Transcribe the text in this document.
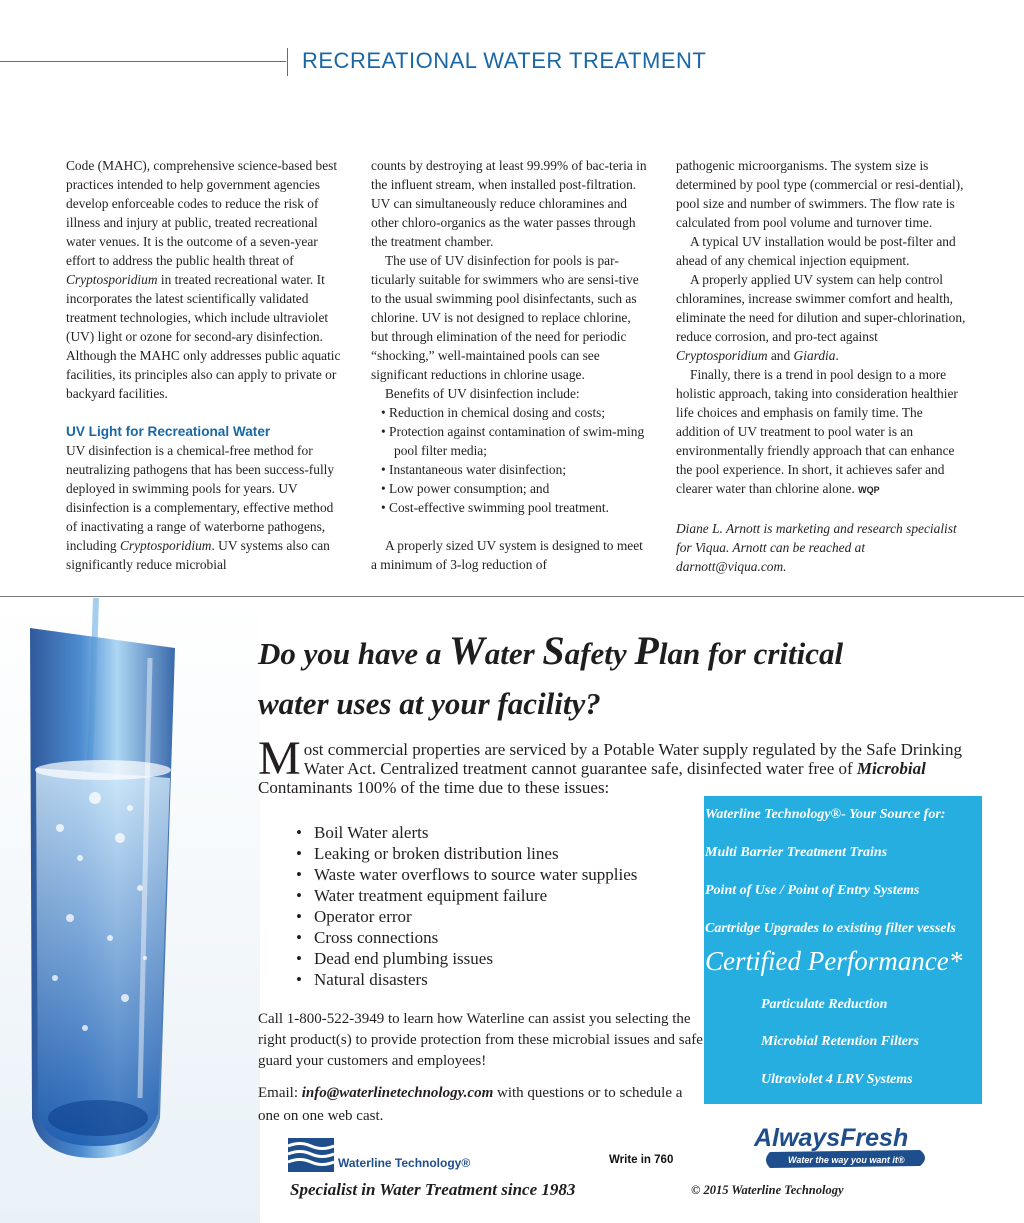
RECREATIONAL WATER TREATMENT

Code (MAHC), comprehensive science-based best practices intended to help government agencies develop enforceable codes to reduce the risk of illness and injury at public, treated recreational water venues. It is the outcome of a seven-year effort to address the public health threat of Cryptosporidium in treated recreational water. It incorporates the latest scientifically validated treatment technologies, which include ultraviolet (UV) light or ozone for second-ary disinfection. Although the MAHC only addresses public aquatic facilities, its principles also can apply to private or backyard facilities.

UV Light for Recreational Water

UV disinfection is a chemical-free method for neutralizing pathogens that has been success-fully deployed in swimming pools for years. UV disinfection is a complementary, effective method of inactivating a range of waterborne pathogens, including Cryptosporidium. UV systems also can significantly reduce microbial

counts by destroying at least 99.99% of bac-teria in the influent stream, when installed post-filtration. UV can simultaneously reduce chloramines and other chloro-organics as the water passes through the treatment chamber.

The use of UV disinfection for pools is par-ticularly suitable for swimmers who are sensi-tive to the usual swimming pool disinfectants, such as chlorine. UV is not designed to replace chlorine, but through elimination of the need for periodic “shocking,” well-maintained pools can see significant reductions in chlorine usage.

Benefits of UV disinfection include:

• Reduction in chemical dosing and costs;

• Protection against contamination of swim-ming pool filter media;

• Instantaneous water disinfection;

• Low power consumption; and

• Cost-effective swimming pool treatment.

A properly sized UV system is designed to meet a minimum of 3-log reduction of

pathogenic microorganisms. The system size is determined by pool type (commercial or resi-dential), pool size and number of swimmers. The flow rate is calculated from pool volume and turnover time.

A typical UV installation would be post-filter and ahead of any chemical injection equipment.

A properly applied UV system can help control chloramines, increase swimmer comfort and health, eliminate the need for dilution and super-chlorination, reduce corrosion, and pro-tect against Cryptosporidium and Giardia.

Finally, there is a trend in pool design to a more holistic approach, taking into consideration healthier life choices and emphasis on family time. The addition of UV treatment to pool water is an environmentally friendly approach that can enhance the pool experience. In short, it achieves safer and clearer water than chlorine alone. WQP

Diane L. Arnott is marketing and research specialist for Viqua. Arnott can be reached at darnott@viqua.com.

Do you have a Water Safety Plan for critical
water uses at your facility?
Most commercial properties are serviced by a Potable Water supply regulated by the Safe Drinking Water Act. Centralized treatment cannot guarantee safe, disinfected water free of Microbial Contaminants 100% of the time due to these issues:
• Boil Water alerts
• Leaking or broken distribution lines
• Waste water overflows to source water supplies
• Water treatment equipment failure
• Operator error
• Cross connections
• Dead end plumbing issues
• Natural disasters
Call 1-800-522-3949 to learn how Waterline can assist you selecting the right product(s) to provide protection from these microbial issues and safe guard your customers and employees!
Email: info@waterlinetechnology.com with questions or to schedule a one on one web cast.
Waterline Technology®- Your Source for:
Multi Barrier Treatment Trains
Point of Use / Point of Entry Systems
Cartridge Upgrades to existing filter vessels
Certified Performance*
Particulate Reduction
Microbial Retention Filters
Ultraviolet 4 LRV Systems
Waterline Technology®	Write in 760
AlwaysFresh
Water the way you want it®
Specialist in Water Treatment since 1983	© 2015 Waterline Technology
